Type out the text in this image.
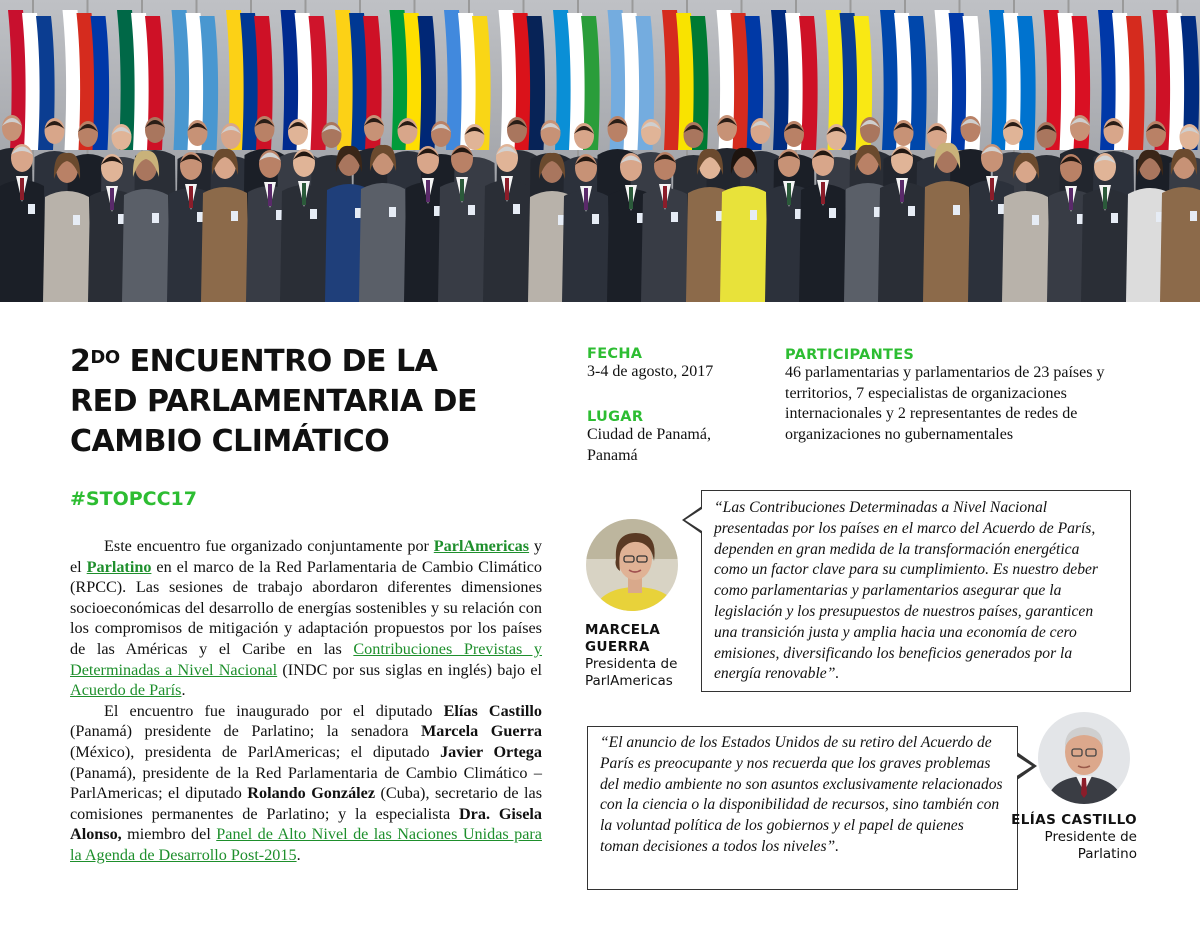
$2^{DO}$ ENCUENTRO DE LA
RED PARLAMENTARIA DE
CAMBIO CLIMÁTICO
#STOPCC17

Este encuentro fue organizado conjuntamente por ParlAmericas y el Parlatino en el marco de la Red Parlamentaria de Cambio Climático (RPCC). Las sesiones de trabajo abordaron diferentes dimensiones socioeconómicas del desarrollo de energías sostenibles y su relación con los compromisos de mitigación y adaptación propuestos por los países de las Américas y el Caribe en las Contribuciones Previstas y Determinadas a Nivel Nacional (INDC por sus siglas en inglés) bajo el Acuerdo de París.

El encuentro fue inaugurado por el diputado Elías Castillo (Panamá) presidente de Parlatino; la senadora Marcela Guerra (México), presidenta de ParlAmericas; el diputado Javier Ortega (Panamá), presidente de la Red Parlamentaria de Cambio Climático – ParlAmericas; el diputado Rolando González (Cuba), secretario de las comisiones permanentes de Parlatino; y la especialista Dra. Gisela Alonso, miembro del Panel de Alto Nivel de las Naciones Unidas para la Agenda de Desarrollo Post-2015.

FECHA
3-4 de agosto, 2017
LUGAR
Ciudad de Panamá,
Panamá
PARTICIPANTES
46 parlamentarias y parlamentarios de 23 países y territorios, 7 especialistas de organizaciones internacionales y 2 representantes de redes de organizaciones no gubernamentales
“Las Contribuciones Determinadas a Nivel Nacional presentadas por los países en el marco del Acuerdo de París, dependen en gran medida de la transformación energética como un factor clave para su cumplimiento. Es nuestro deber como parlamentarias y parlamentarios asegurar que la legislación y los presupuestos de nuestros países, garanticen una transición justa y amplia hacia una economía de cero emisiones, diversificando los beneficios generados por la energía renovable”.
MARCELA
GUERRA
Presidenta de
ParlAmericas
“El anuncio de los Estados Unidos de su retiro del Acuerdo de París es preocupante y nos recuerda que los graves problemas del medio ambiente no son asuntos exclusivamente relacionados con la ciencia o la disponibilidad de recursos, sino también con la voluntad política de los gobiernos y el papel de quienes toman decisiones a todos los niveles”.
ELÍAS CASTILLO
Presidente de
Parlatino
